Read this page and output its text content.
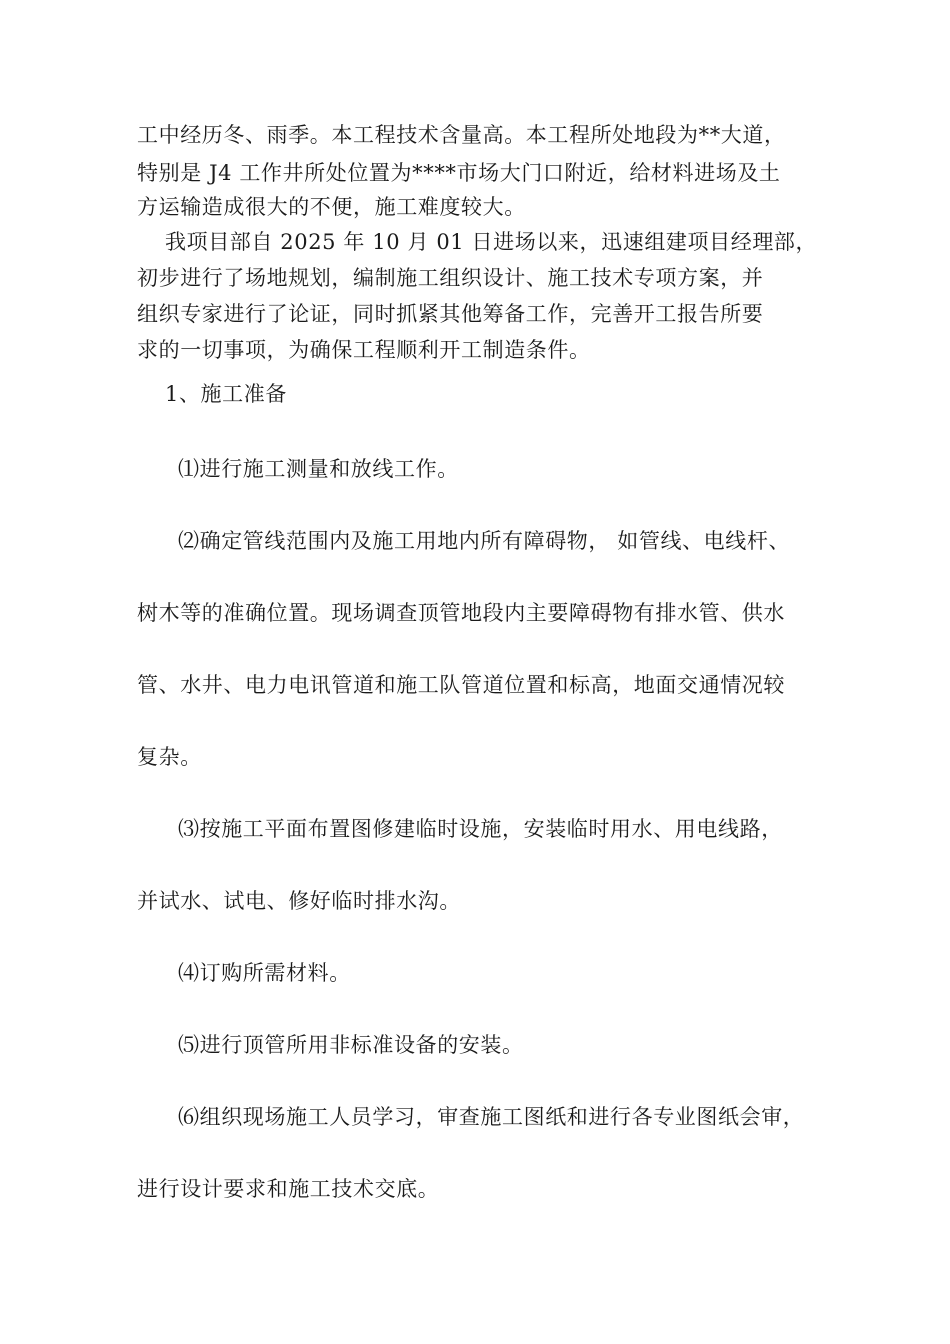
工中经历冬、雨季。本工程技术含量高。本工程所处地段为**大道，
特别是 J4 工作井所处位置为****市场大门口附近，给材料进场及土
方运输造成很大的不便，施工难度较大。
我项目部自 2025 年 10 月 01 日进场以来，迅速组建项目经理部，
初步进行了场地规划，编制施工组织设计、施工技术专项方案，并
组织专家进行了论证，同时抓紧其他筹备工作，完善开工报告所要
求的一切事项，为确保工程顺利开工制造条件。
1、施工准备
⑴进行施工测量和放线工作。
⑵确定管线范围内及施工用地内所有障碍物， 如管线、电线杆、
树木等的准确位置。现场调查顶管地段内主要障碍物有排水管、供水
管、水井、电力电讯管道和施工队管道位置和标高，地面交通情况较
复杂。
⑶按施工平面布置图修建临时设施，安装临时用水、用电线路，
并试水、试电、修好临时排水沟。
⑷订购所需材料。
⑸进行顶管所用非标准设备的安装。
⑹组织现场施工人员学习，审查施工图纸和进行各专业图纸会审，
进行设计要求和施工技术交底。
